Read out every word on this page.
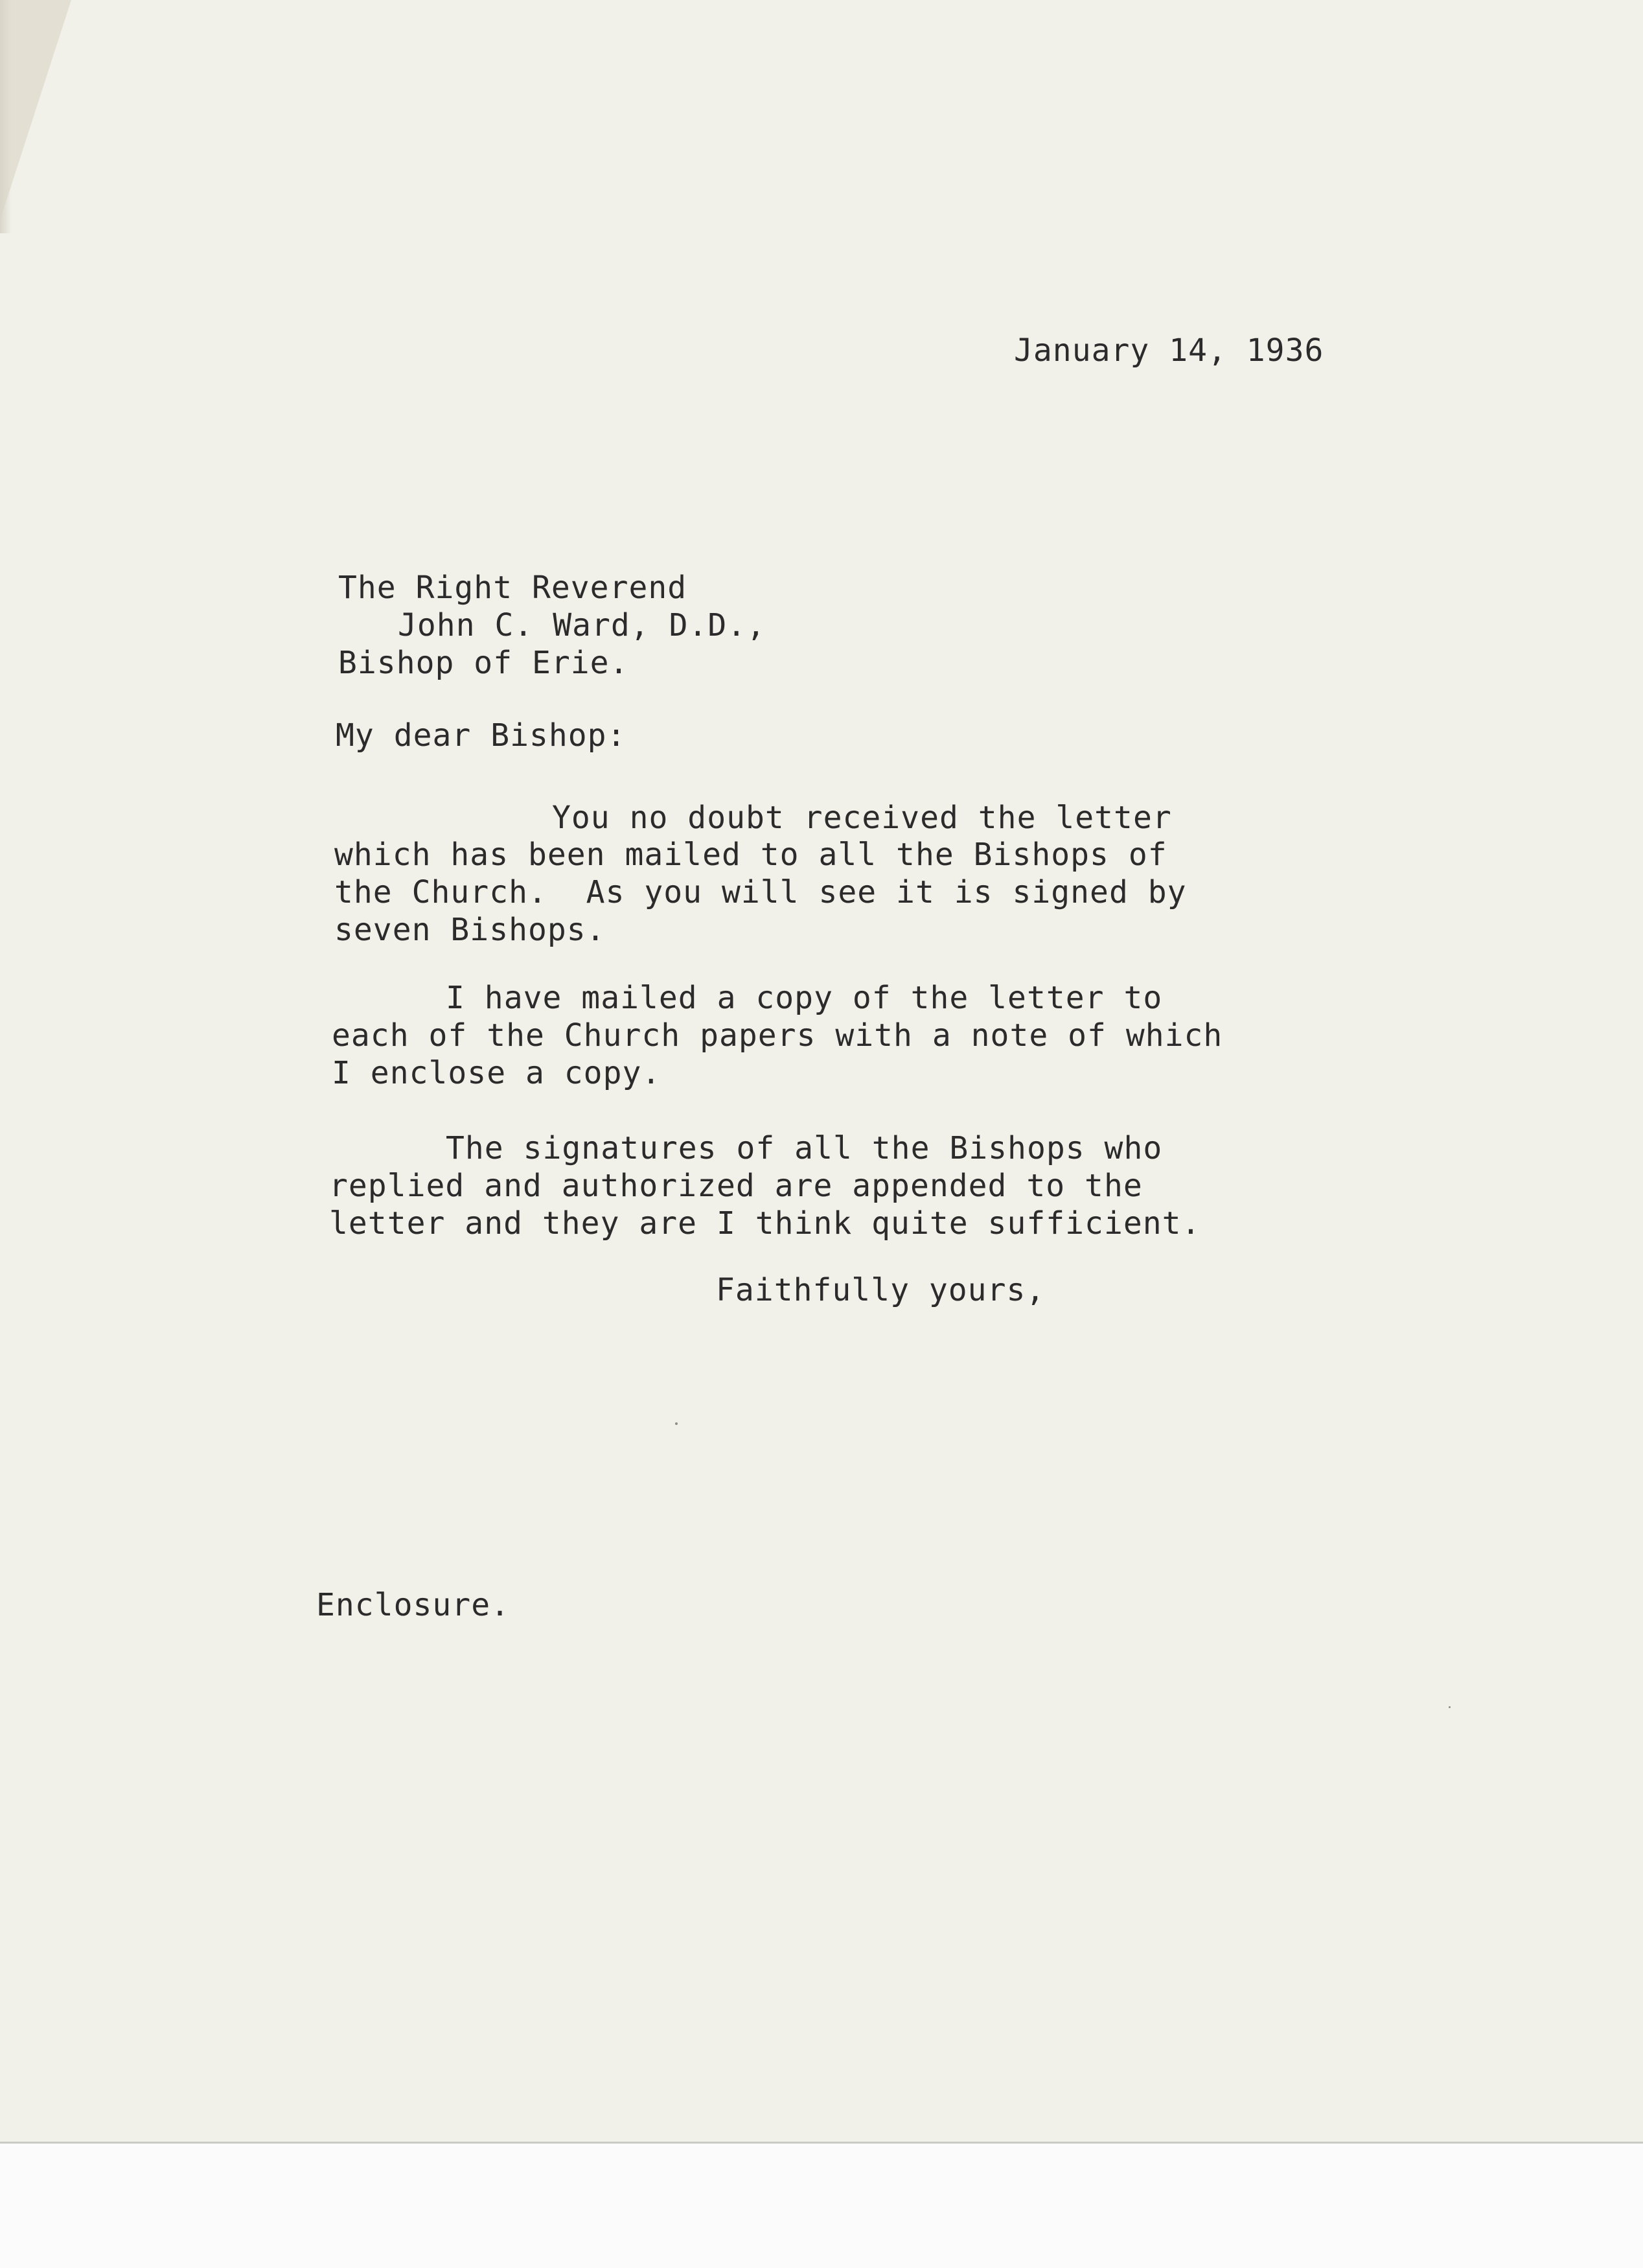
January 14, 1936
The Right Reverend
John C. Ward, D.D.,
Bishop of Erie.
My dear Bishop:
You no doubt received the letter
which has been mailed to all the Bishops of
the Church.  As you will see it is signed by
seven Bishops.
I have mailed a copy of the letter to
each of the Church papers with a note of which
I enclose a copy.
The signatures of all the Bishops who
replied and authorized are appended to the
letter and they are I think quite sufficient.
Faithfully yours,
Enclosure.
